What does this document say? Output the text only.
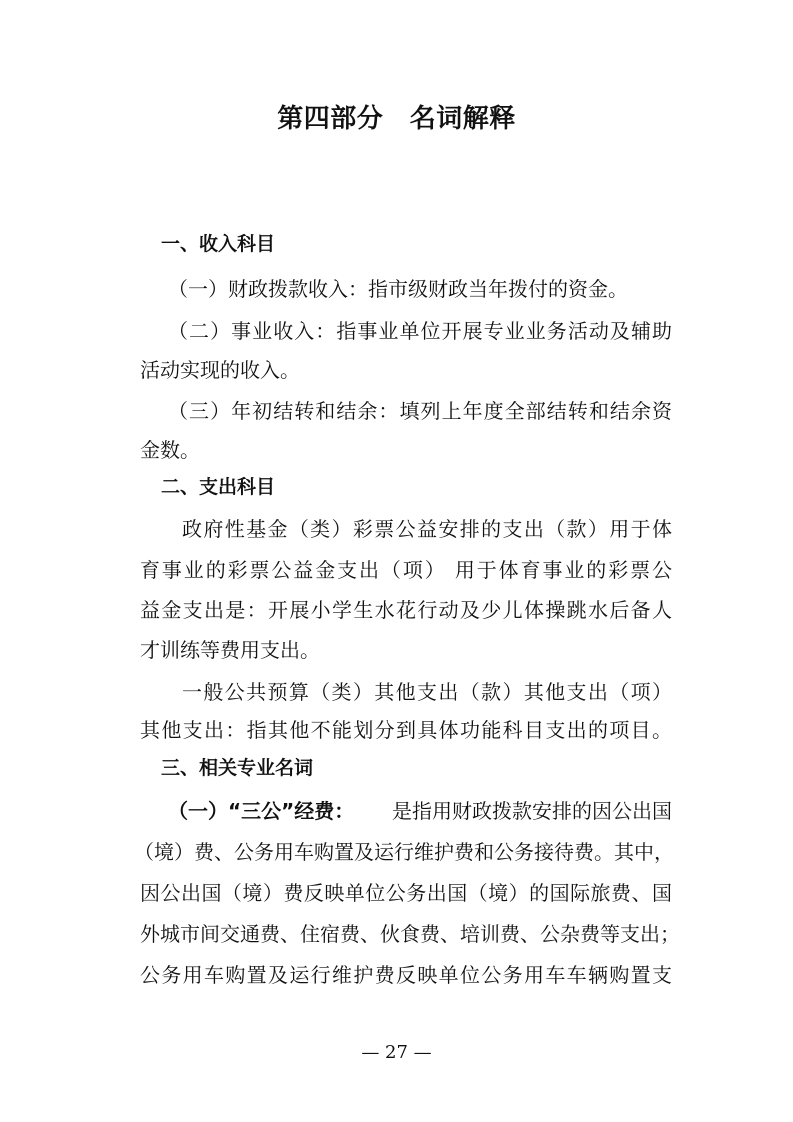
第四部分　名词解释
一、收入科目
（一）财政拨款收入：指市级财政当年拨付的资金。
（二）事业收入：指事业单位开展专业业务活动及辅助
活动实现的收入。
（三）年初结转和结余：填列上年度全部结转和结余资
金数。
二、支出科目
政府性基金（类）彩票公益安排的支出（款）用于体
育事业的彩票公益金支出（项） 用于体育事业的彩票公
益金支出是：开展小学生水花行动及少儿体操跳水后备人
才训练等费用支出。
一般公共预算（类）其他支出（款）其他支出（项）
其他支出：指其他不能划分到具体功能科目支出的项目。
三、相关专业名词
（一）“三公”经费： 是指用财政拨款安排的因公出国
（境）费、公务用车购置及运行维护费和公务接待费。其中，
因公出国（境）费反映单位公务出国（境）的国际旅费、国
外城市间交通费、住宿费、伙食费、培训费、公杂费等支出；
公务用车购置及运行维护费反映单位公务用车车辆购置支
— 27 —
